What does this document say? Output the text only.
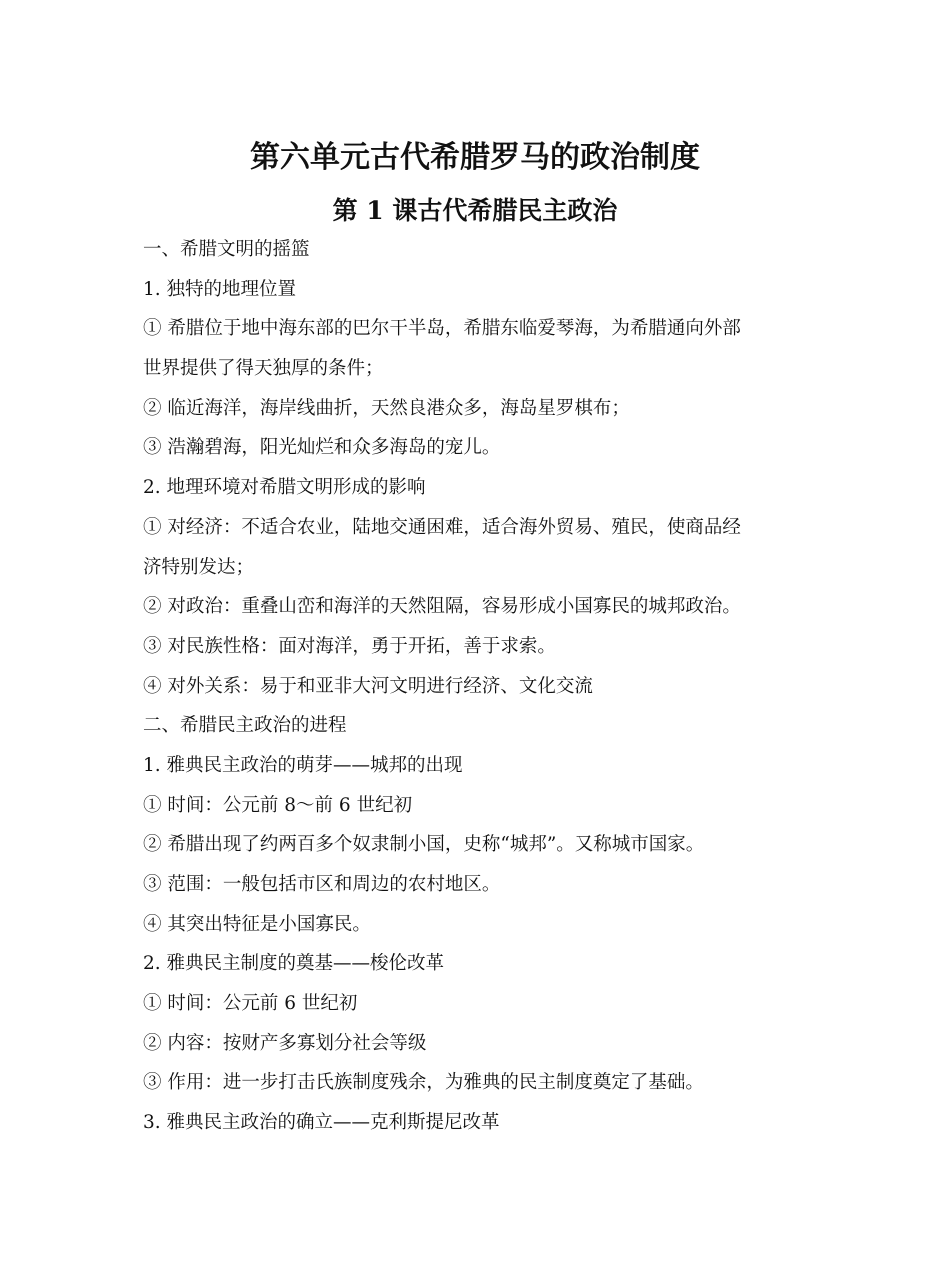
第六单元古代希腊罗马的政治制度
第 1 课古代希腊民主政治
一、希腊文明的摇篮
1. 独特的地理位置
① 希腊位于地中海东部的巴尔干半岛，希腊东临爱琴海，为希腊通向外部
世界提供了得天独厚的条件；
② 临近海洋，海岸线曲折，天然良港众多，海岛星罗棋布；
③ 浩瀚碧海，阳光灿烂和众多海岛的宠儿。
2. 地理环境对希腊文明形成的影响
① 对经济：不适合农业，陆地交通困难，适合海外贸易、殖民，使商品经
济特别发达；
② 对政治：重叠山峦和海洋的天然阻隔，容易形成小国寡民的城邦政治。
③ 对民族性格：面对海洋，勇于开拓，善于求索。
④ 对外关系：易于和亚非大河文明进行经济、文化交流
二、希腊民主政治的进程
1. 雅典民主政治的萌芽——城邦的出现
① 时间：公元前 8～前 6 世纪初
② 希腊出现了约两百多个奴隶制小国，史称“城邦”。又称城市国家。
③ 范围：一般包括市区和周边的农村地区。
④ 其突出特征是小国寡民。
2. 雅典民主制度的奠基——梭伦改革
① 时间：公元前 6 世纪初
② 内容：按财产多寡划分社会等级
③ 作用：进一步打击氏族制度残余，为雅典的民主制度奠定了基础。
3. 雅典民主政治的确立——克利斯提尼改革
